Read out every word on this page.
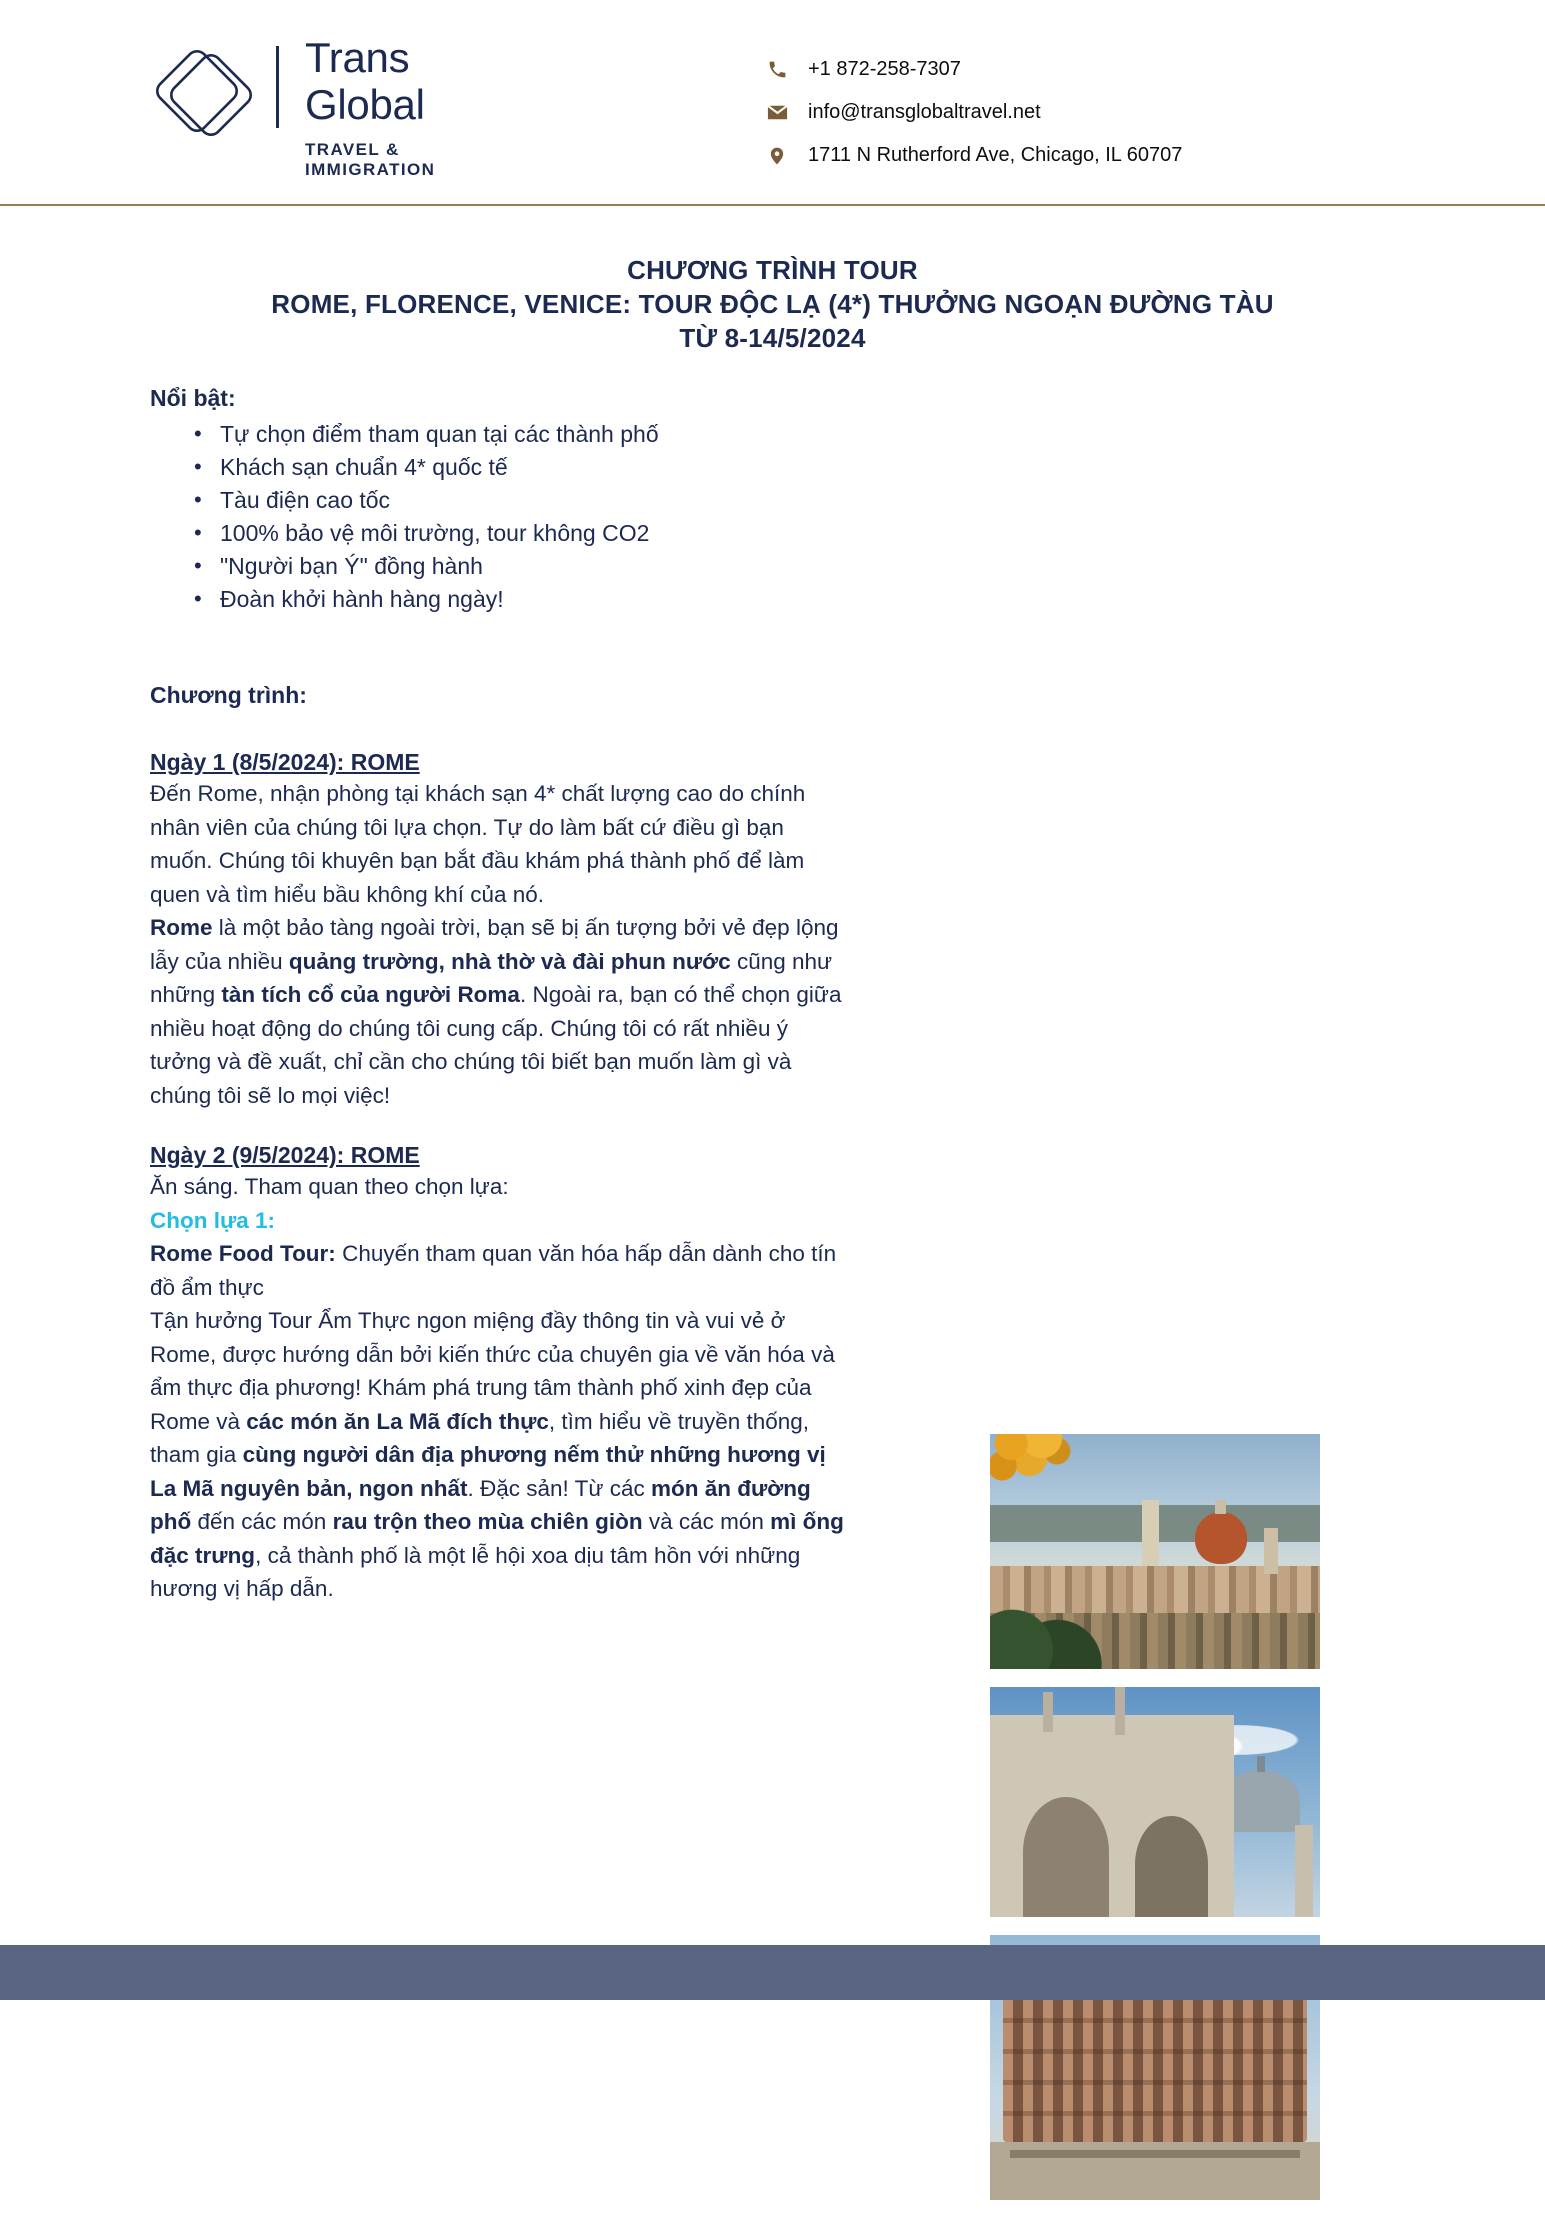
Trans
Global
TRAVEL &
IMMIGRATION
+1 872-258-7307
info@transglobaltravel.net
1711 N Rutherford Ave, Chicago, IL 60707
CHƯƠNG TRÌNH TOUR
ROME, FLORENCE, VENICE: TOUR ĐỘC LẠ (4*) THƯỞNG NGOẠN ĐƯỜNG TÀU
TỪ 8-14/5/2024
Nổi bật:
• Tự chọn điểm tham quan tại các thành phố
• Khách sạn chuẩn 4* quốc tế
• Tàu điện cao tốc
• 100% bảo vệ môi trường, tour không CO2
• "Người bạn Ý" đồng hành
• Đoàn khởi hành hàng ngày!
Chương trình:
Ngày 1 (8/5/2024): ROME

Đến Rome, nhận phòng tại khách sạn 4* chất lượng cao do chính nhân viên của chúng tôi lựa chọn. Tự do làm bất cứ điều gì bạn muốn. Chúng tôi khuyên bạn bắt đầu khám phá thành phố để làm quen và tìm hiểu bầu không khí của nó.

Rome là một bảo tàng ngoài trời, bạn sẽ bị ấn tượng bởi vẻ đẹp lộng lẫy của nhiều quảng trường, nhà thờ và đài phun nước cũng như những tàn tích cổ của người Roma. Ngoài ra, bạn có thể chọn giữa nhiều hoạt động do chúng tôi cung cấp. Chúng tôi có rất nhiều ý tưởng và đề xuất, chỉ cần cho chúng tôi biết bạn muốn làm gì và chúng tôi sẽ lo mọi việc!

Ngày 2 (9/5/2024): ROME

Ăn sáng. Tham quan theo chọn lựa:

Chọn lựa 1:

Rome Food Tour: Chuyến tham quan văn hóa hấp dẫn dành cho tín đồ ẩm thực

Tận hưởng Tour Ẩm Thực ngon miệng đầy thông tin và vui vẻ ở Rome, được hướng dẫn bởi kiến thức của chuyên gia về văn hóa và ẩm thực địa phương! Khám phá trung tâm thành phố xinh đẹp của Rome và các món ăn La Mã đích thực, tìm hiểu về truyền thống, tham gia cùng người dân địa phương nếm thử những hương vị La Mã nguyên bản, ngon nhất. Đặc sản! Từ các món ăn đường phố đến các món rau trộn theo mùa chiên giòn và các món mì ống đặc trưng, cả thành phố là một lễ hội xoa dịu tâm hồn với những hương vị hấp dẫn.
